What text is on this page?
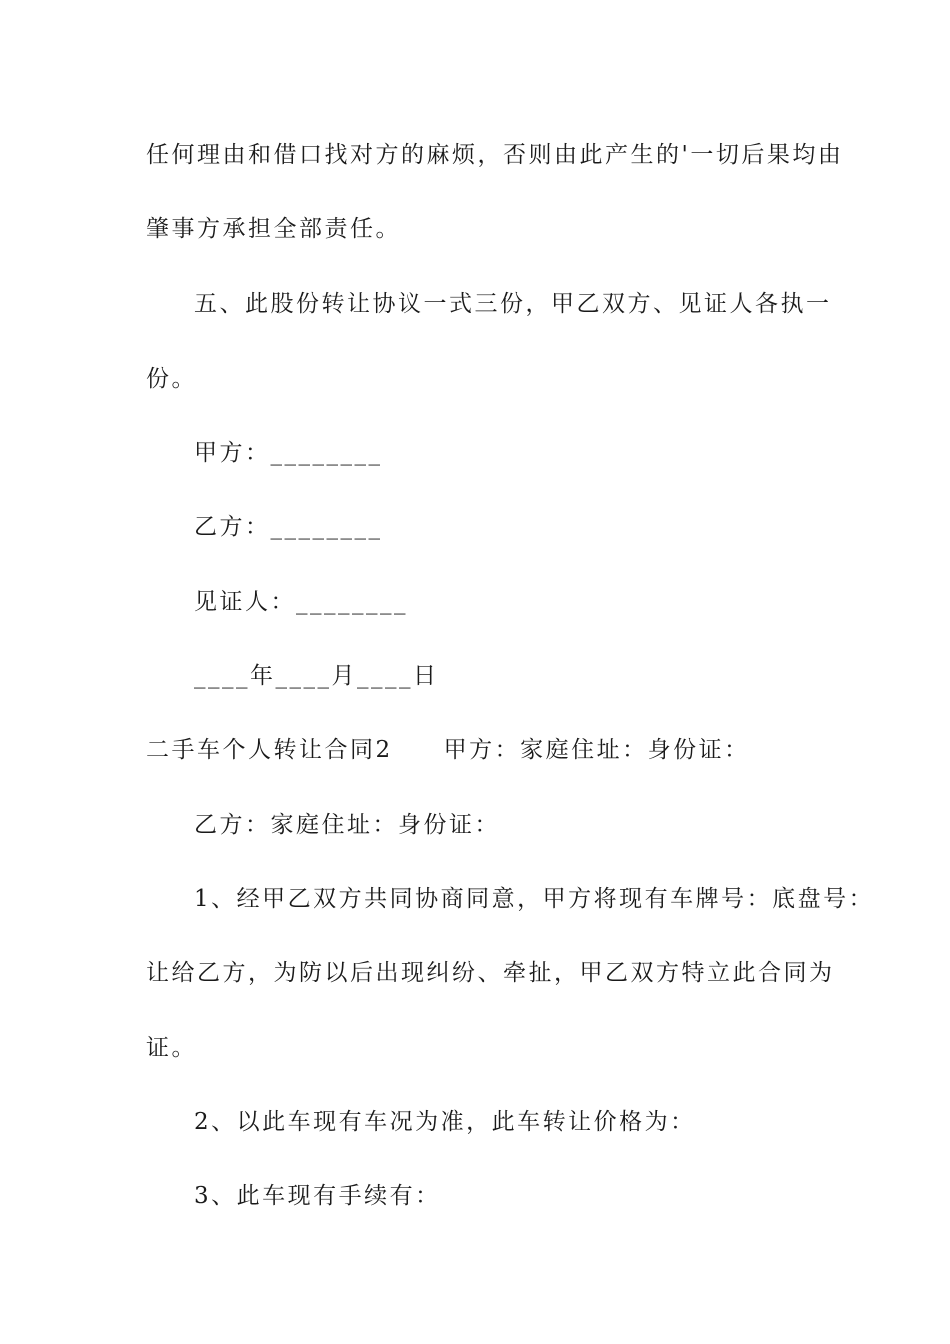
任何理由和借口找对方的麻烦，否则由此产生的'一切后果均由
肇事方承担全部责任。
五、此股份转让协议一式三份，甲乙双方、见证人各执一
份。
甲方：________
乙方：________
见证人：________
____年____月____日
二手车个人转让合同2　　甲方：家庭住址：身份证：
乙方：家庭住址：身份证：
1、经甲乙双方共同协商同意，甲方将现有车牌号：底盘号：
让给乙方，为防以后出现纠纷、牵扯，甲乙双方特立此合同为
证。
2、以此车现有车况为准，此车转让价格为：
3、此车现有手续有：
